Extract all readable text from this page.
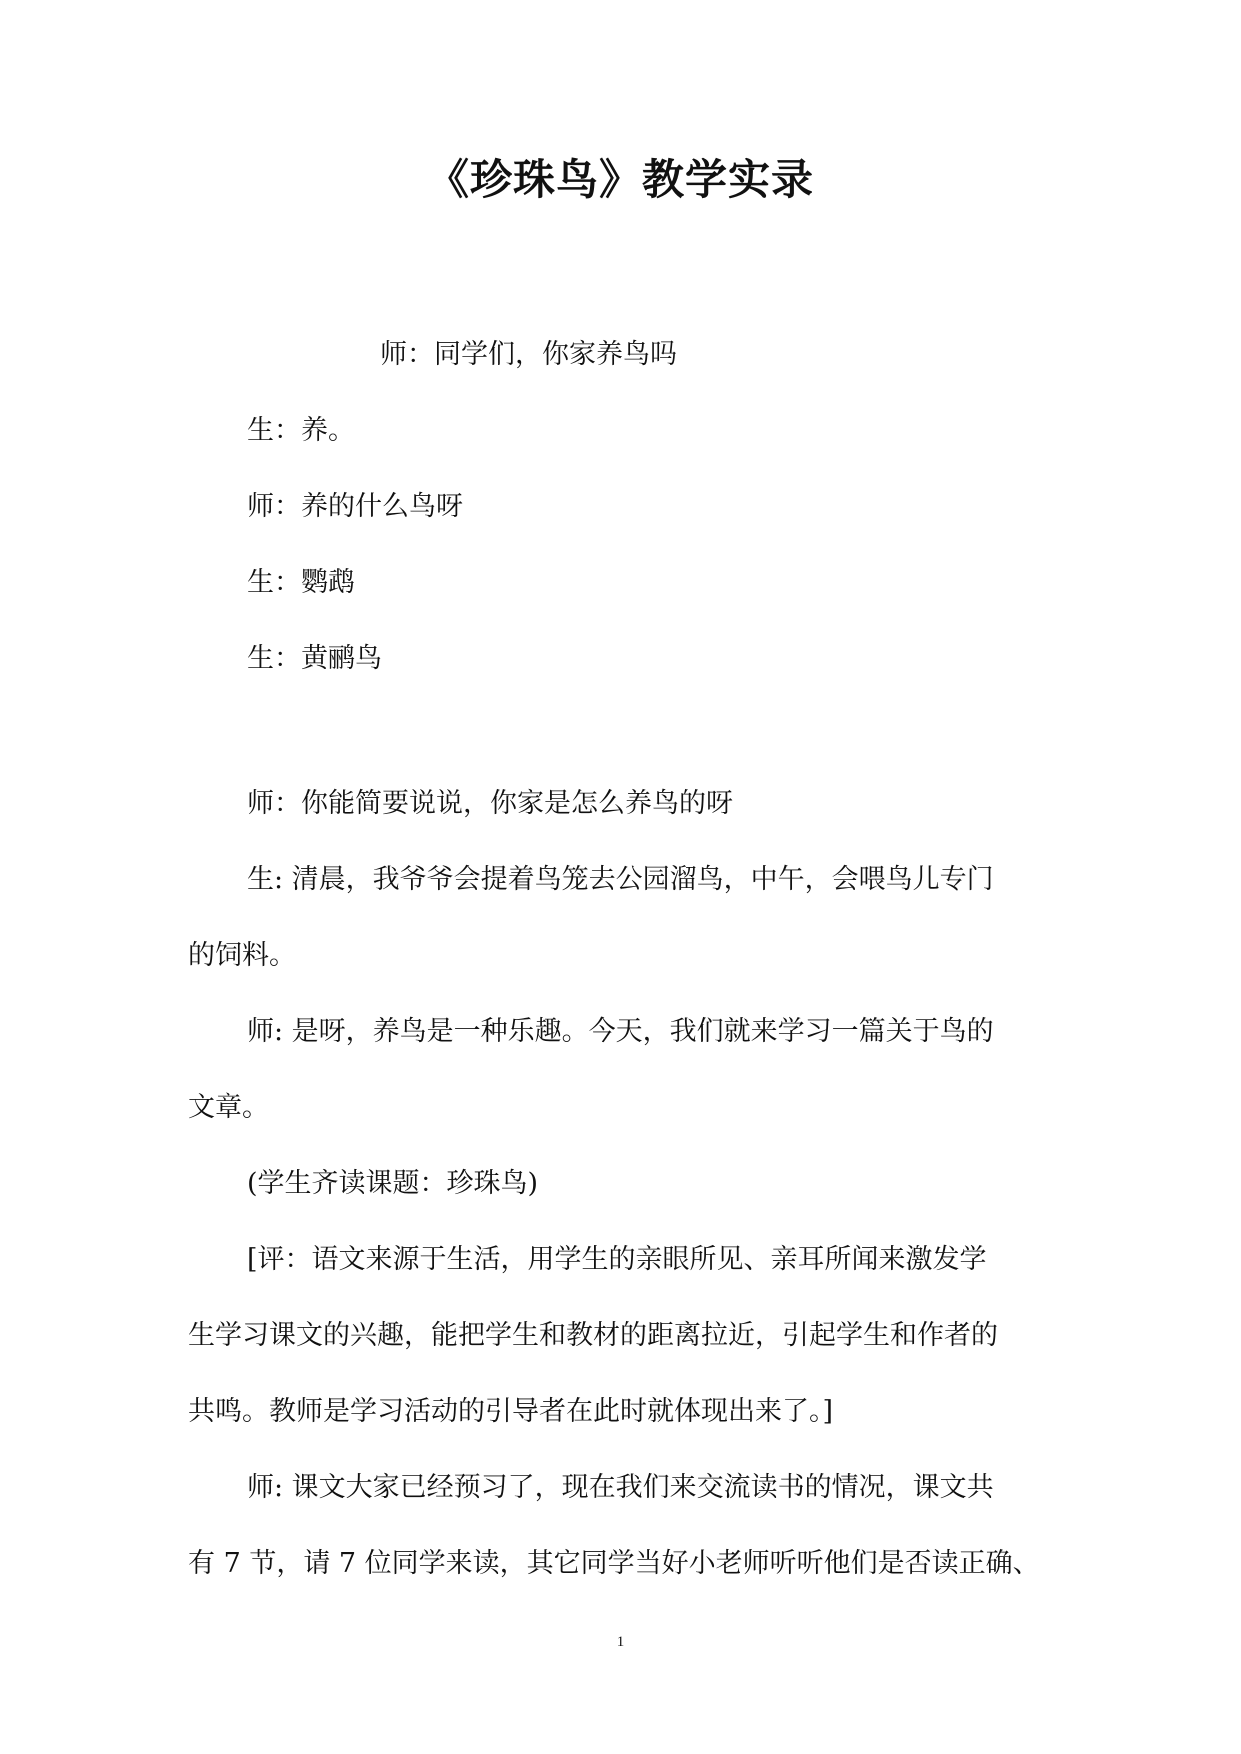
《珍珠鸟》教学实录
师：同学们，你家养鸟吗
生：养。
师：养的什么鸟呀
生：鹦鹉
生：黄鹂鸟
师：你能简要说说，你家是怎么养鸟的呀
生: 清晨，我爷爷会提着鸟笼去公园溜鸟，中午，会喂鸟儿专门
的饲料。
师: 是呀，养鸟是一种乐趣。今天，我们就来学习一篇关于鸟的
文章。
(学生齐读课题：珍珠鸟)
[评：语文来源于生活，用学生的亲眼所见、亲耳所闻来激发学
生学习课文的兴趣，能把学生和教材的距离拉近，引起学生和作者的
共鸣。教师是学习活动的引导者在此时就体现出来了。]
师: 课文大家已经预习了，现在我们来交流读书的情况，课文共
有 7 节，请 7 位同学来读，其它同学当好小老师听听他们是否读正确、
1
